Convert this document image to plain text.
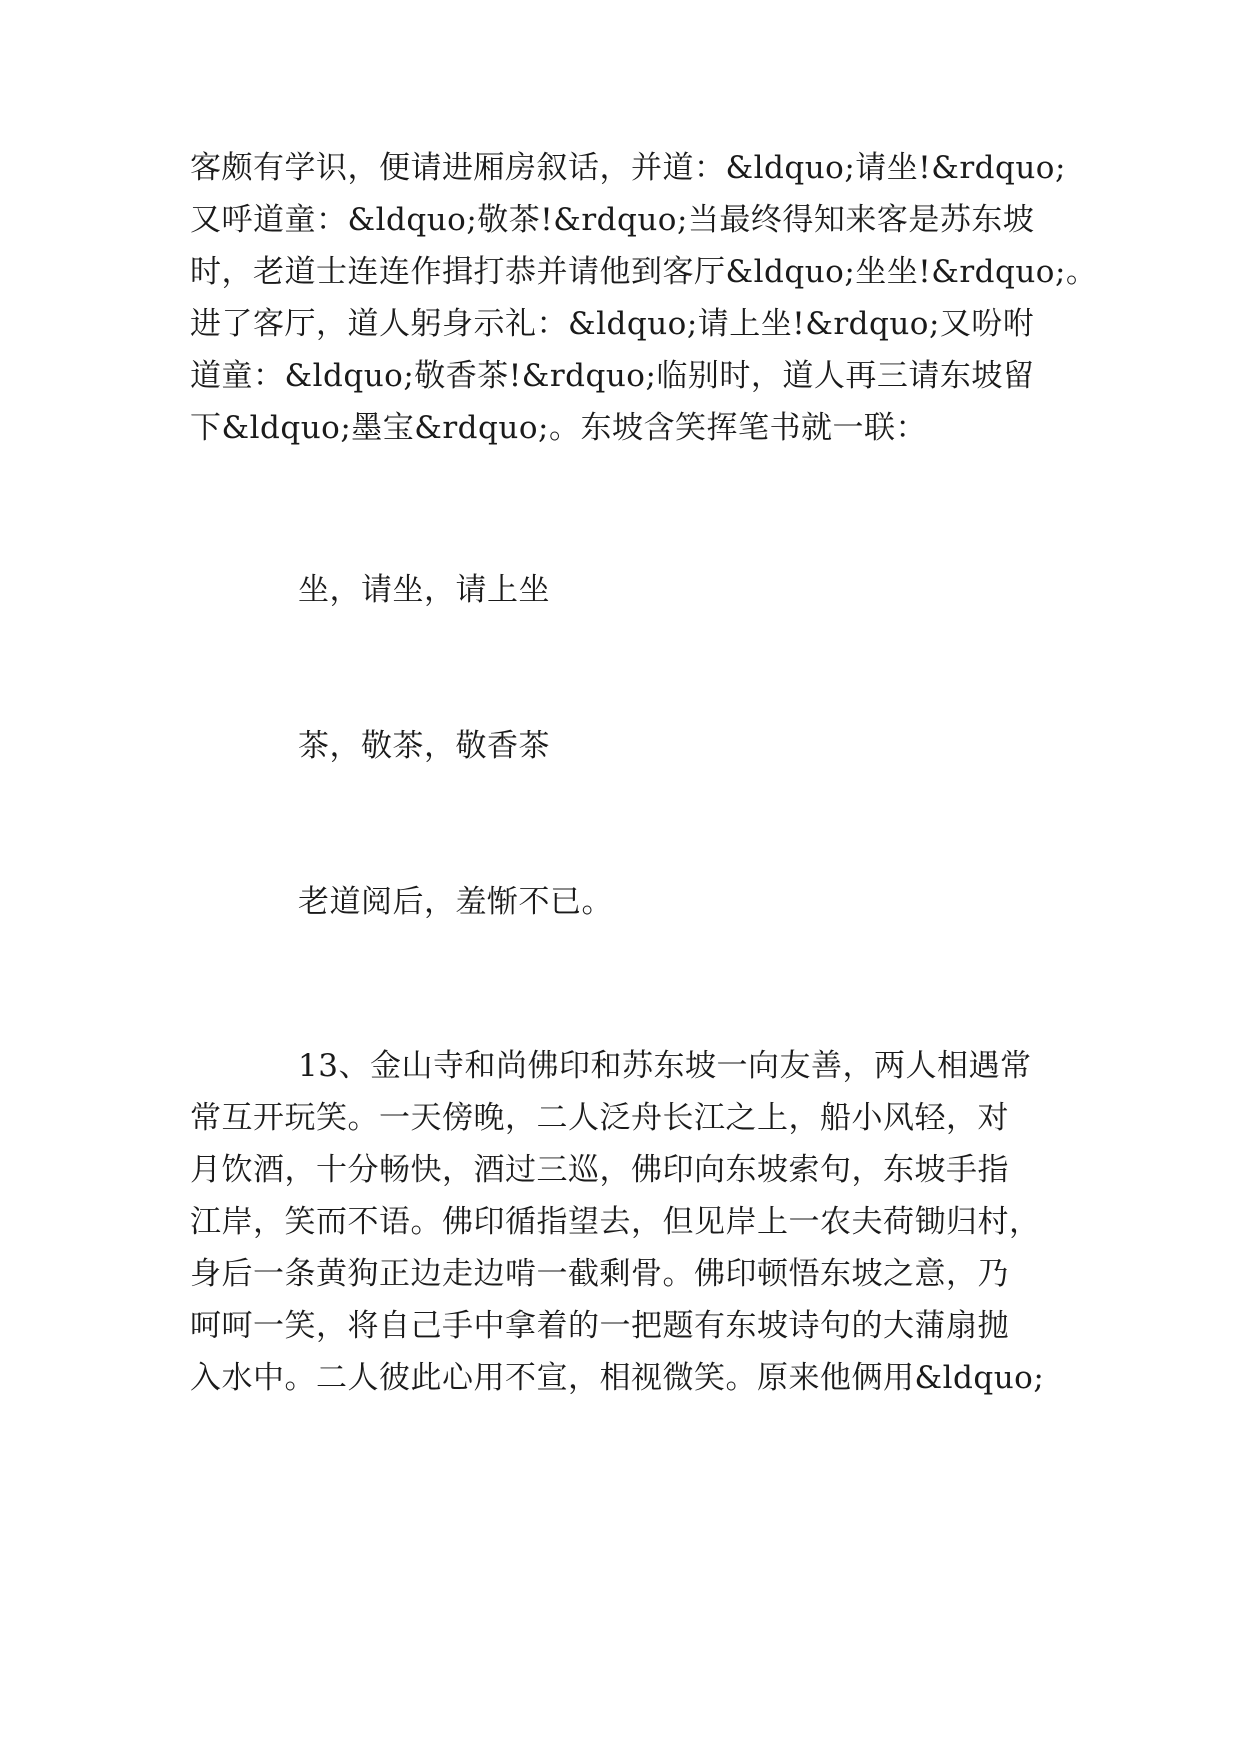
客颇有学识，便请进厢房叙话，并道：&ldquo;请坐!&rdquo;
又呼道童：&ldquo;敬茶!&rdquo;当最终得知来客是苏东坡
时，老道士连连作揖打恭并请他到客厅&ldquo;坐坐!&rdquo;。
进了客厅，道人躬身示礼：&ldquo;请上坐!&rdquo;又吩咐
道童：&ldquo;敬香茶!&rdquo;临别时，道人再三请东坡留
下&ldquo;墨宝&rdquo;。东坡含笑挥笔书就一联：
坐，请坐，请上坐
茶，敬茶，敬香茶
老道阅后，羞惭不已。
13、金山寺和尚佛印和苏东坡一向友善，两人相遇常
常互开玩笑。一天傍晚，二人泛舟长江之上，船小风轻，对
月饮酒，十分畅快，酒过三巡，佛印向东坡索句，东坡手指
江岸，笑而不语。佛印循指望去，但见岸上一农夫荷锄归村，
身后一条黄狗正边走边啃一截剩骨。佛印顿悟东坡之意，乃
呵呵一笑，将自己手中拿着的一把题有东坡诗句的大蒲扇抛
入水中。二人彼此心用不宣，相视微笑。原来他俩用&ldquo;
